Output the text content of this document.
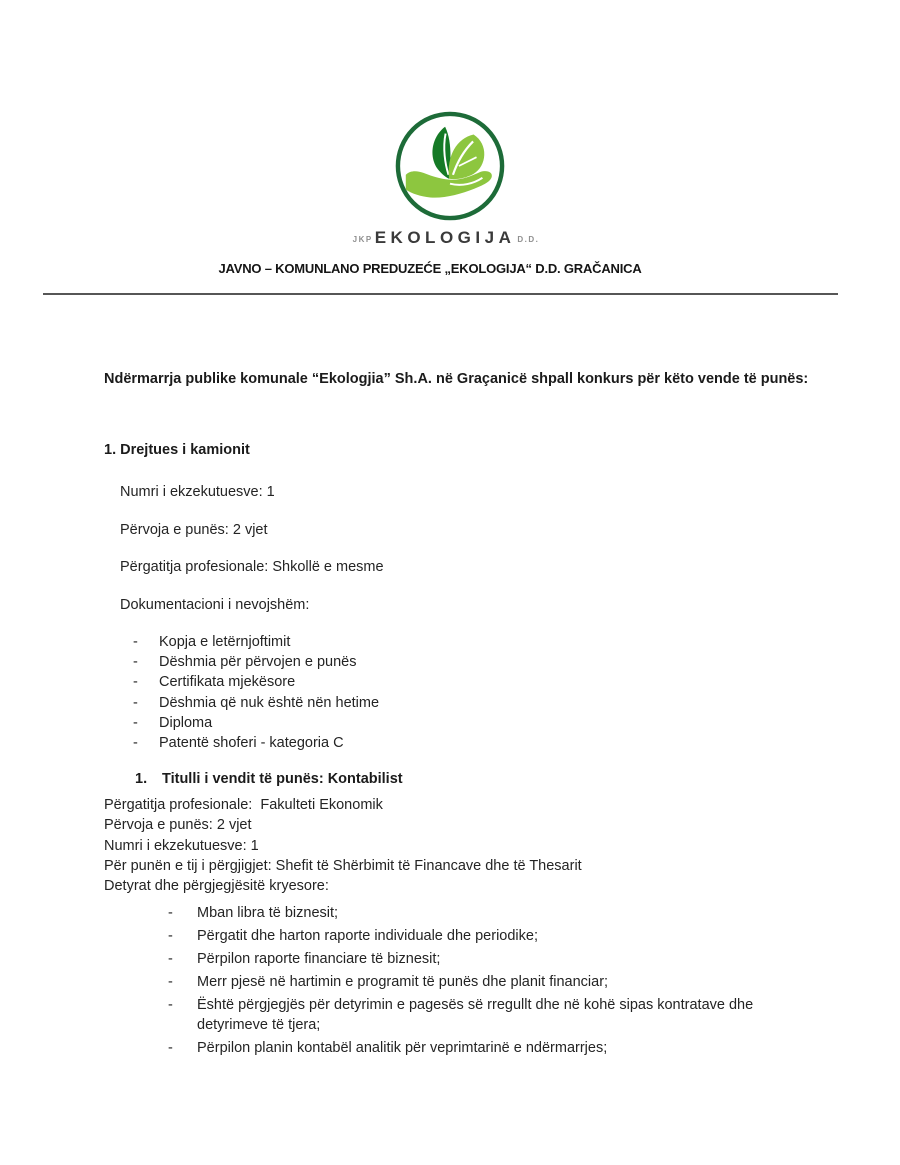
JKP EKOLOGIJA D.D.
JAVNO – KOMUNLANO PREDUZEĆE „EKOLOGIJA“ D.D. GRAČANICA

Ndërmarrja publike komunale “Ekologjia” Sh.A. në Graçanicë shpall konkurs për këto vende të punës:

1. Drejtues i kamionit

Numri i ekzekutuesve: 1

Përvoja e punës: 2 vjet

Përgatitja profesionale: Shkollë e mesme

Dokumentacioni i nevojshëm:

-	Kopja e letërnjoftimit
-	Dëshmia për përvojen e punës
-	Certifikata mjekësore
-	Dëshmia që nuk është nën hetime
-	Diploma
-	Patentë shoferi - kategoria C
1. Titulli i vendit të punës: Kontabilist

Përgatitja profesionale:  Fakulteti Ekonomik

Përvoja e punës: 2 vjet

Numri i ekzekutuesve: 1

Për punën e tij i përgjigjet: Shefit të Shërbimit të Financave dhe të Thesarit

Detyrat dhe përgjegjësitë kryesore:

-	Mban libra të biznesit;
-	Përgatit dhe harton raporte individuale dhe periodike;
-	Përpilon raporte financiare të biznesit;
-	Merr pjesë në hartimin e programit të punës dhe planit financiar;
-	Është përgjegjës për detyrimin e pagesës së rregullt dhe në kohë sipas kontratave dhe detyrimeve të tjera;
-	Përpilon planin kontabël analitik për veprimtarinë e ndërmarrjes;
